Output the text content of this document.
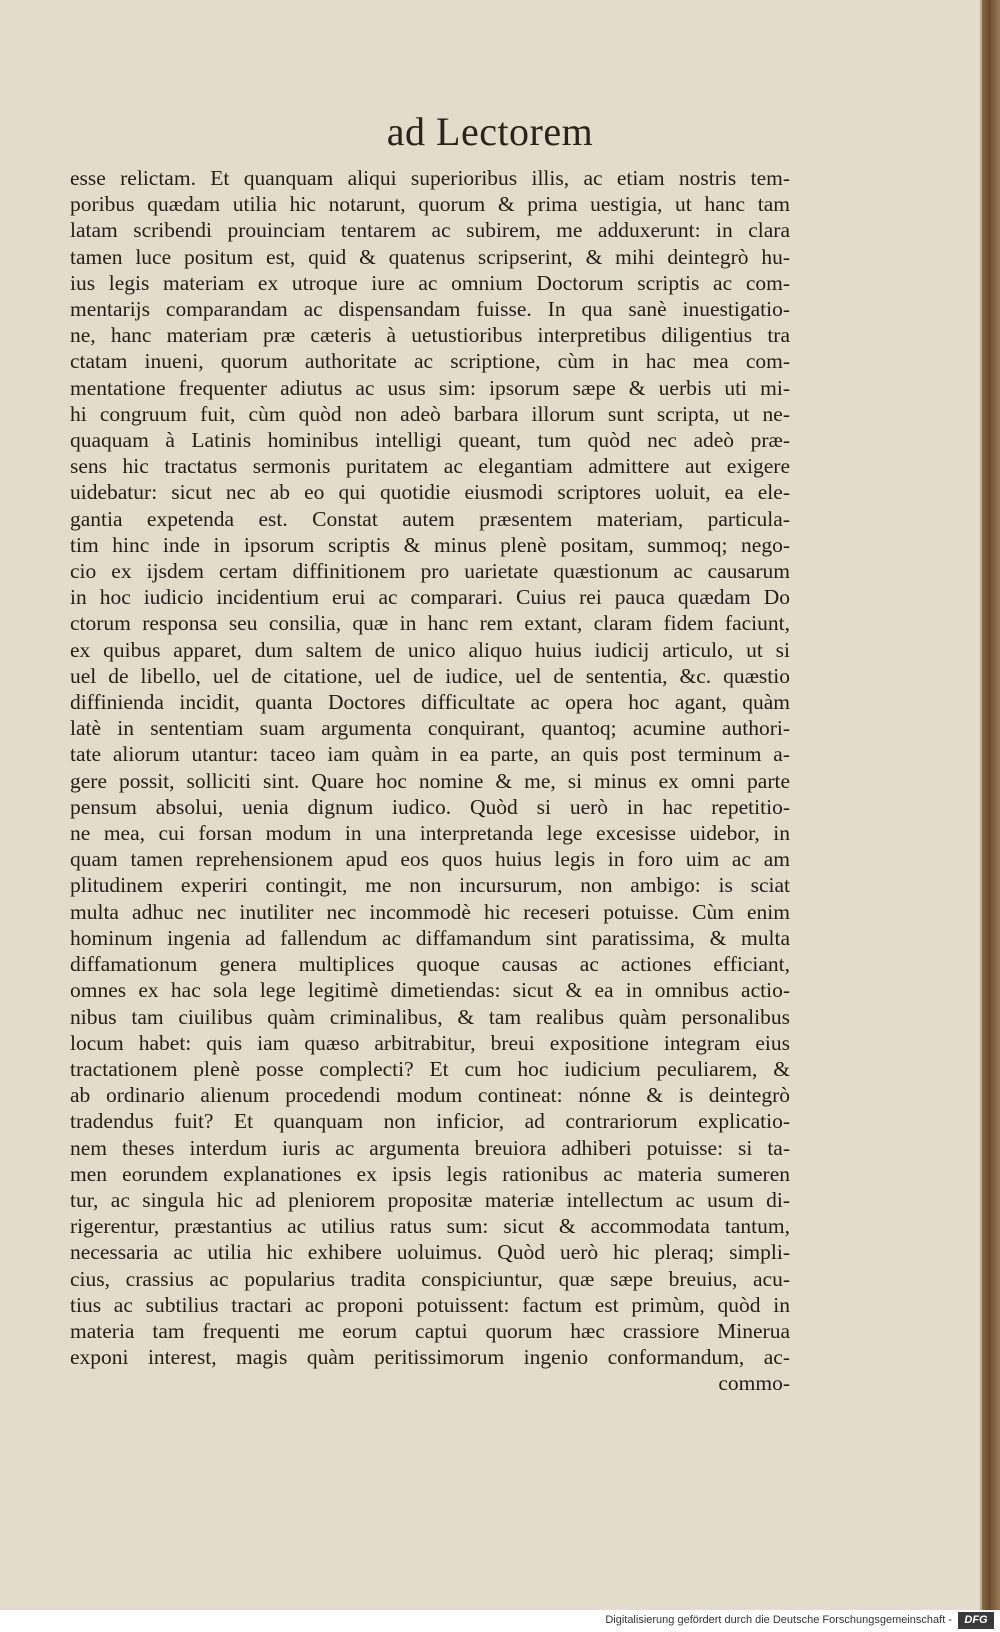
ad Lectorem
esse relictam. Et quanquam aliqui superioribus illis, ac etiam nostris tem-
poribus quædam utilia hic notarunt, quorum & prima uestigia, ut hanc tam
latam scribendi prouinciam tentarem ac subirem, me adduxerunt: in clara
tamen luce positum est, quid & quatenus scripserint, & mihi deintegrò hu-
ius legis materiam ex utroque iure ac omnium Doctorum scriptis ac com-
mentarijs comparandam ac dispensandam fuisse. In qua sanè inuestigatio-
ne, hanc materiam præ cæteris à uetustioribus interpretibus diligentius tra
ctatam inueni, quorum authoritate ac scriptione, cùm in hac mea com-
mentatione frequenter adiutus ac usus sim: ipsorum sæpe & uerbis uti mi-
hi congruum fuit, cùm quòd non adeò barbara illorum sunt scripta, ut ne-
quaquam à Latinis hominibus intelligi queant, tum quòd nec adeò præ-
sens hic tractatus sermonis puritatem ac elegantiam admittere aut exigere
uidebatur: sicut nec ab eo qui quotidie eiusmodi scriptores uoluit, ea ele-
gantia expetenda est. Constat autem præsentem materiam, particula-
tim hinc inde in ipsorum scriptis & minus plenè positam, summoq; nego-
cio ex ijsdem certam diffinitionem pro uarietate quæstionum ac causarum
in hoc iudicio incidentium erui ac comparari. Cuius rei pauca quædam Do
ctorum responsa seu consilia, quæ in hanc rem extant, claram fidem faciunt,
ex quibus apparet, dum saltem de unico aliquo huius iudicij articulo, ut si
uel de libello, uel de citatione, uel de iudice, uel de sententia, &c. quæstio
diffinienda incidit, quanta Doctores difficultate ac opera hoc agant, quàm
latè in sententiam suam argumenta conquirant, quantoq; acumine authori-
tate aliorum utantur: taceo iam quàm in ea parte, an quis post terminum a-
gere possit, solliciti sint. Quare hoc nomine & me, si minus ex omni parte
pensum absolui, uenia dignum iudico. Quòd si uerò in hac repetitio-
ne mea, cui forsan modum in una interpretanda lege excesisse uidebor, in
quam tamen reprehensionem apud eos quos huius legis in foro uim ac am
plitudinem experiri contingit, me non incursurum, non ambigo: is sciat
multa adhuc nec inutiliter nec incommodè hic receseri potuisse. Cùm enim
hominum ingenia ad fallendum ac diffamandum sint paratissima, & multa
diffamationum genera multiplices quoque causas ac actiones efficiant,
omnes ex hac sola lege legitimè dimetiendas: sicut & ea in omnibus actio-
nibus tam ciuilibus quàm criminalibus, & tam realibus quàm personalibus
locum habet: quis iam quæso arbitrabitur, breui expositione integram eius
tractationem plenè posse complecti? Et cum hoc iudicium peculiarem, &
ab ordinario alienum procedendi modum contineat: nónne & is deintegrò
tradendus fuit? Et quanquam non inficior, ad contrariorum explicatio-
nem theses interdum iuris ac argumenta breuiora adhiberi potuisse: si ta-
men eorundem explanationes ex ipsis legis rationibus ac materia sumeren
tur, ac singula hic ad pleniorem propositæ materiæ intellectum ac usum di-
rigerentur, præstantius ac utilius ratus sum: sicut & accommodata tantum,
necessaria ac utilia hic exhibere uoluimus. Quòd uerò hic pleraq; simpli-
cius, crassius ac popularius tradita conspiciuntur, quæ sæpe breuius, acu-
tius ac subtilius tractari ac proponi potuissent: factum est primùm, quòd in
materia tam frequenti me eorum captui quorum hæc crassiore Minerua
exponi interest, magis quàm peritissimorum ingenio conformandum, ac-
commo-
Digitalisierung gefördert durch die Deutsche Forschungsgemeinschaft -	DFG
